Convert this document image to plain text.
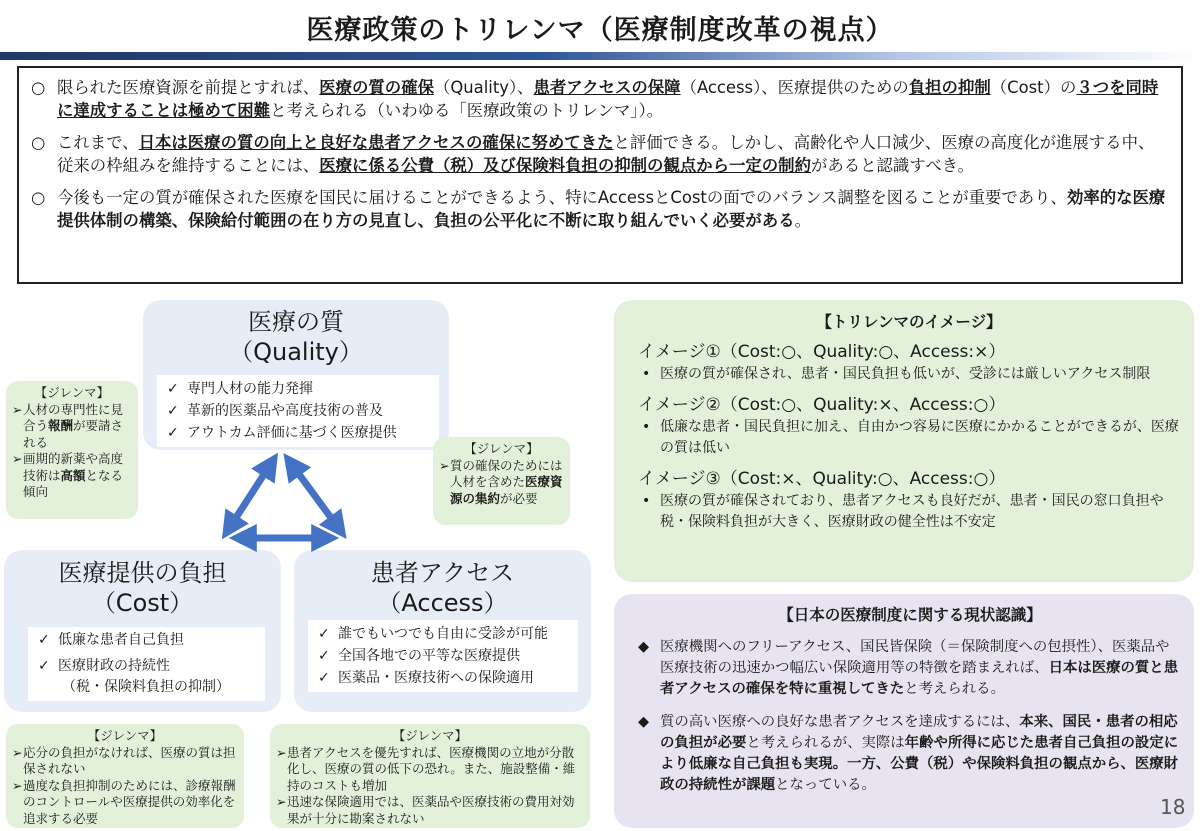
医療政策のトリレンマ（医療制度改革の視点）
○ 限られた医療資源を前提とすれば、医療の質の確保（Quality）、患者アクセスの保障（Access）、医療提供のための負担の抑制（Cost）の３つを同時に達成することは極めて困難と考えられる（いわゆる「医療政策のトリレンマ」）。
○ これまで、日本は医療の質の向上と良好な患者アクセスの確保に努めてきたと評価できる。しかし、高齢化や人口減少、医療の高度化が進展する中、従来の枠組みを維持することには、医療に係る公費（税）及び保険料負担の抑制の観点から一定の制約があると認識すべき。
○ 今後も一定の質が確保された医療を国民に届けることができるよう、特にAccessとCostの面でのバランス調整を図ることが重要であり、効率的な医療提供体制の構築、保険給付範囲の在り方の見直し、負担の公平化に不断に取り組んでいく必要がある。
医療の質
（Quality）
✓ 専門人材の能力発揮
✓ 革新的医薬品や高度技術の普及
✓ アウトカム評価に基づく医療提供
医療提供の負担
（Cost）
✓ 低廉な患者自己負担
✓ 医療財政の持続性
（税・保険料負担の抑制）
患者アクセス
（Access）
✓ 誰でもいつでも自由に受診が可能
✓ 全国各地での平等な医療提供
✓ 医薬品・医療技術への保険適用
【ジレンマ】
➢ 人材の専門性に見合う報酬が要請される
➢ 画期的新薬や高度技術は高額となる傾向
【ジレンマ】
➢ 質の確保のためには人材を含めた医療資源の集約が必要
【ジレンマ】
➢ 応分の負担がなければ、医療の質は担保されない
➢ 過度な負担抑制のためには、診療報酬のコントロールや医療提供の効率化を追求する必要
【ジレンマ】
➢ 患者アクセスを優先すれば、医療機関の立地が分散化し、医療の質の低下の恐れ。また、施設整備・維持のコストも増加
➢ 迅速な保険適用では、医薬品や医療技術の費用対効果が十分に勘案されない
【トリレンマのイメージ】
イメージ①（Cost:○、Quality:○、Access:×）
• 医療の質が確保され、患者・国民負担も低いが、受診には厳しいアクセス制限
イメージ②（Cost:○、Quality:×、Access:○）
• 低廉な患者・国民負担に加え、自由かつ容易に医療にかかることができるが、医療の質は低い
イメージ③（Cost:×、Quality:○、Access:○）
• 医療の質が確保されており、患者アクセスも良好だが、患者・国民の窓口負担や税・保険料負担が大きく、医療財政の健全性は不安定
【日本の医療制度に関する現状認識】
◆ 医療機関へのフリーアクセス、国民皆保険（＝保険制度への包摂性）、医薬品や医療技術の迅速かつ幅広い保険適用等の特徴を踏まえれば、日本は医療の質と患者アクセスの確保を特に重視してきたと考えられる。
◆ 質の高い医療への良好な患者アクセスを達成するには、本来、国民・患者の相応の負担が必要と考えられるが、実際は年齢や所得に応じた患者自己負担の設定により低廉な自己負担も実現。一方、公費（税）や保険料負担の観点から、医療財政の持続性が課題となっている。
18
